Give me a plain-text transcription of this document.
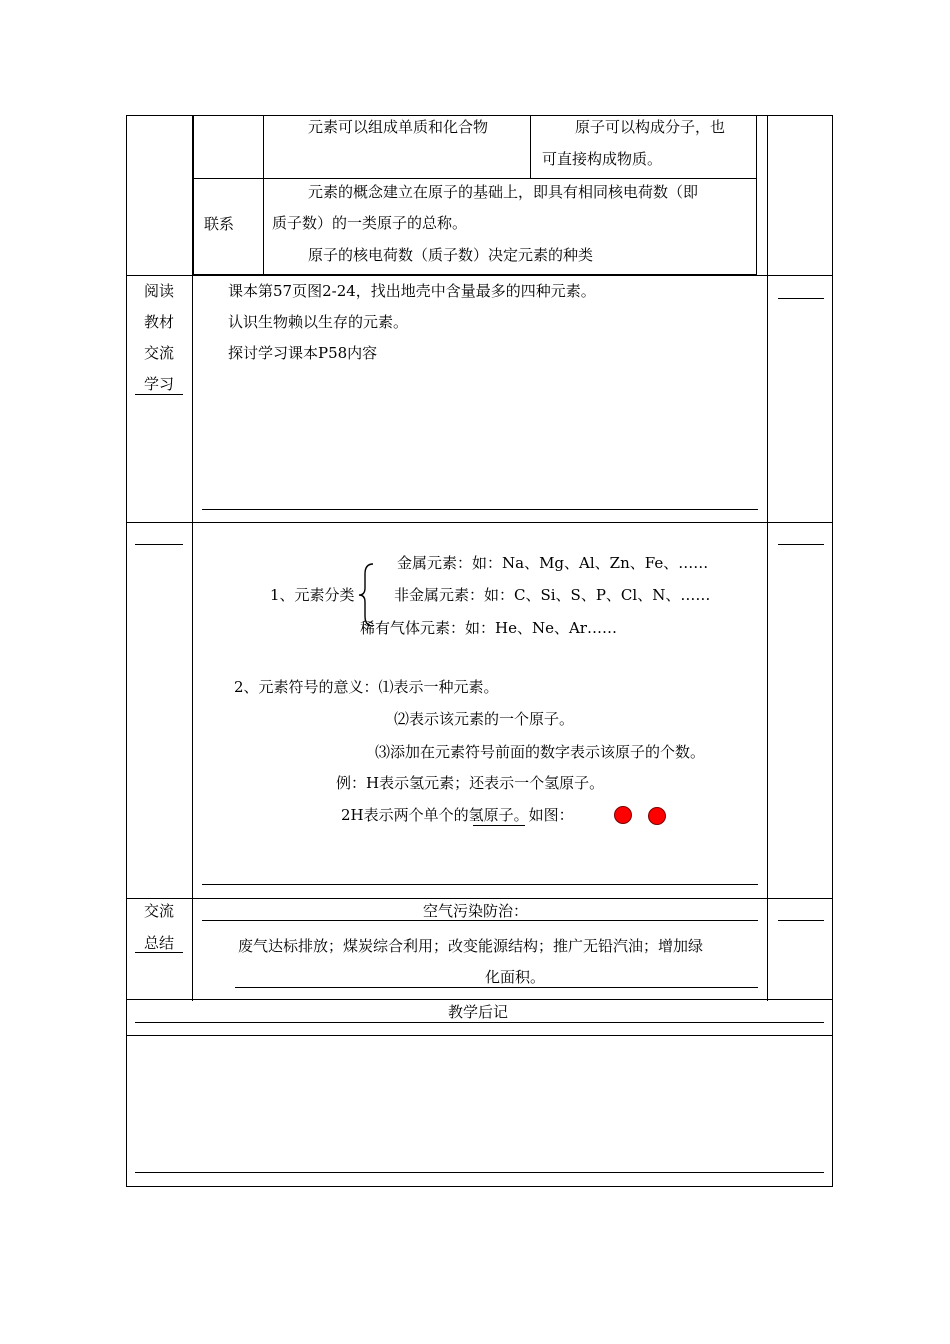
元素可以组成单质和化合物	原子可以构成分子，也
可直接构成物质。
联系
元素的概念建立在原子的基础上，即具有相同核电荷数（即
质子数）的一类原子的总称。
原子的核电荷数（质子数）决定元素的种类
阅读
教材
交流
学习
课本第57页图2-24，找出地壳中含量最多的四种元素。
认识生物赖以生存的元素。
探讨学习课本P58内容
金属元素：如：Na、Mg、Al、Zn、Fe、……
1、元素分类	非金属元素：如：C、Si、S、P、Cl、N、……
稀有气体元素：如：He、Ne、Ar……
2、元素符号的意义：⑴表示一种元素。
⑵表示该元素的一个原子。
⑶添加在元素符号前面的数字表示该原子的个数。
例：H表示氢元素；还表示一个氢原子。
2H表示两个单个的氢原子。如图：
交流
总结
空气污染防治：
废气达标排放；煤炭综合利用；改变能源结构；推广无铅汽油；增加绿
化面积。
教学后记
